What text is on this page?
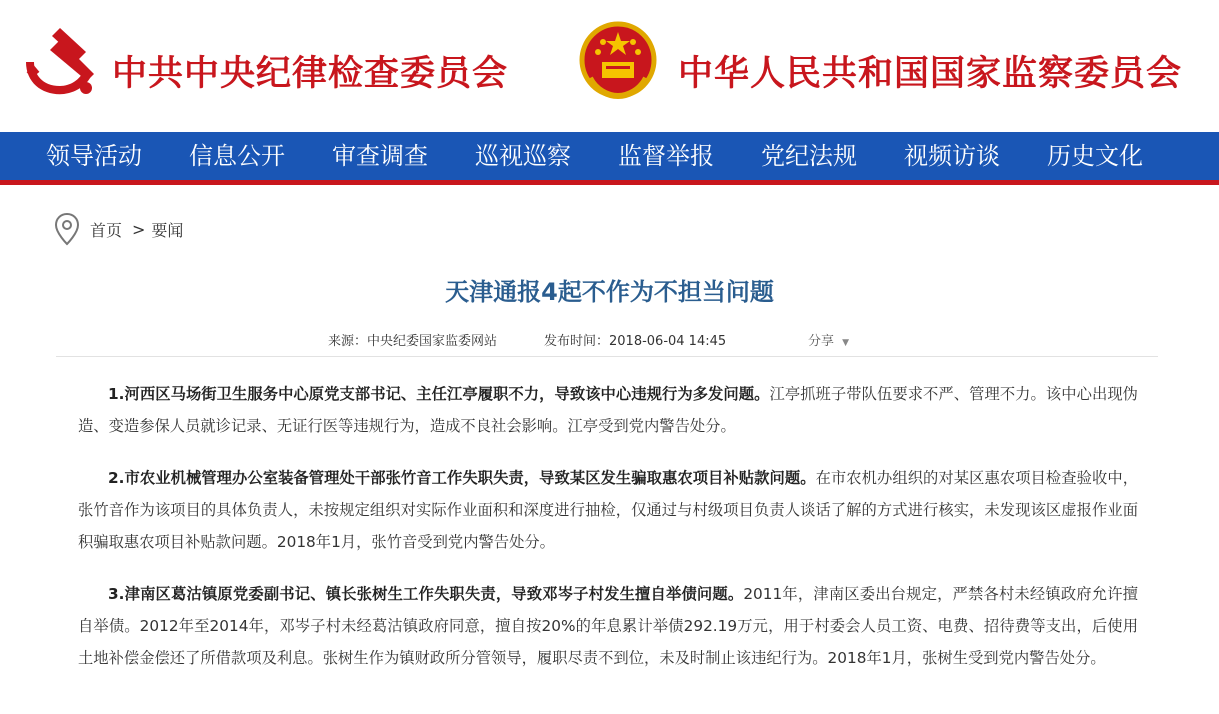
中共中央纪律检查委员会	中华人民共和国国家监察委员会
领导活动 信息公开 审查调查 巡视巡察 监督举报 党纪法规 视频访谈 历史文化
首页 > 要闻
天津通报4起不作为不担当问题
来源：中央纪委国家监委网站	发布时间：2018-06-04 14:45	分享 ▼

1.河西区马场街卫生服务中心原党支部书记、主任江亭履职不力，导致该中心违规行为多发问题。江亭抓班子带队伍要求不严、管理不力。该中心出现伪造、变造参保人员就诊记录、无证行医等违规行为，造成不良社会影响。江亭受到党内警告处分。

2.市农业机械管理办公室装备管理处干部张竹音工作失职失责，导致某区发生骗取惠农项目补贴款问题。在市农机办组织的对某区惠农项目检查验收中，张竹音作为该项目的具体负责人，未按规定组织对实际作业面积和深度进行抽检，仅通过与村级项目负责人谈话了解的方式进行核实，未发现该区虚报作业面积骗取惠农项目补贴款问题。2018年1月，张竹音受到党内警告处分。

3.津南区葛沽镇原党委副书记、镇长张树生工作失职失责，导致邓岑子村发生擅自举债问题。2011年，津南区委出台规定，严禁各村未经镇政府允许擅自举债。2012年至2014年，邓岑子村未经葛沽镇政府同意，擅自按20%的年息累计举债292.19万元，用于村委会人员工资、电费、招待费等支出，后使用土地补偿金偿还了所借款项及利息。张树生作为镇财政所分管领导，履职尽责不到位，未及时制止该违纪行为。2018年1月，张树生受到党内警告处分。
